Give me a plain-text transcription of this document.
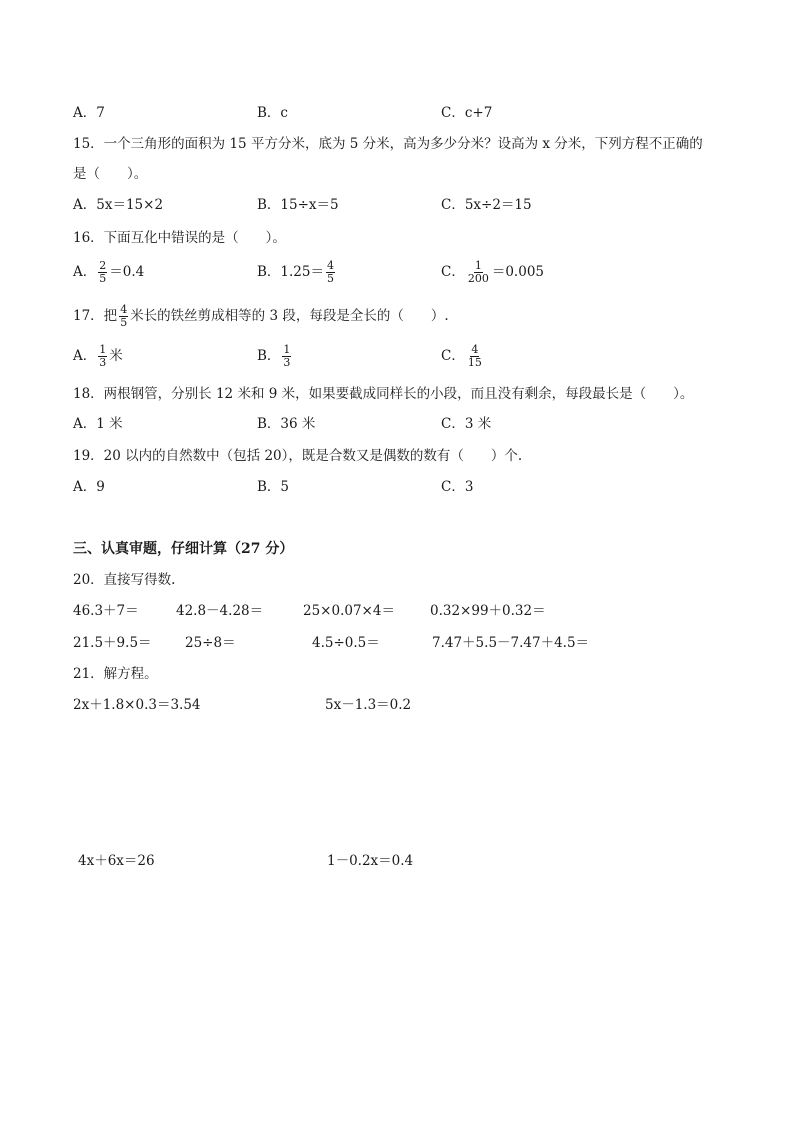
A．7	B．c	C．c+7
15．一个三角形的面积为 15 平方分米，底为 5 分米，高为多少分米？设高为 x 分米，下列方程不正确的
是（　　）。
A．5x＝15×2	B．15÷x＝5	C．5x÷2＝15
16．下面互化中错误的是（　　）。
A． $\frac{2}{5} =0.4$	B．$1.25= \frac{4}{5}$	C． $\frac{1}{200} =0.005$
17．把 $\frac{4}{5}$ 米长的铁丝剪成相等的 3 段，每段是全长的（　　）.
A． $\frac{1}{3}$ 米	B． $\frac{1}{3}$	C． $\frac{4}{15}$
18．两根钢管，分别长 12 米和 9 米，如果要截成同样长的小段，而且没有剩余，每段最长是（　　）。
A．1 米	B．36 米	C．3 米
19．20 以内的自然数中（包括 20），既是合数又是偶数的数有（　　）个.
A．9	B．5	C．3
三、认真审题，仔细计算（27 分）
20．直接写得数.
46.3＋7＝	42.8－4.28＝	25×0.07×4＝	0.32×99＋0.32＝
21.5＋9.5＝ 25÷8＝	4.5÷0.5＝	7.47＋5.5－7.47＋4.5＝
21．解方程。
2x＋1.8×0.3＝3.54	5x－1.3＝0.2
4x＋6x＝26	1－0.2x＝0.4
